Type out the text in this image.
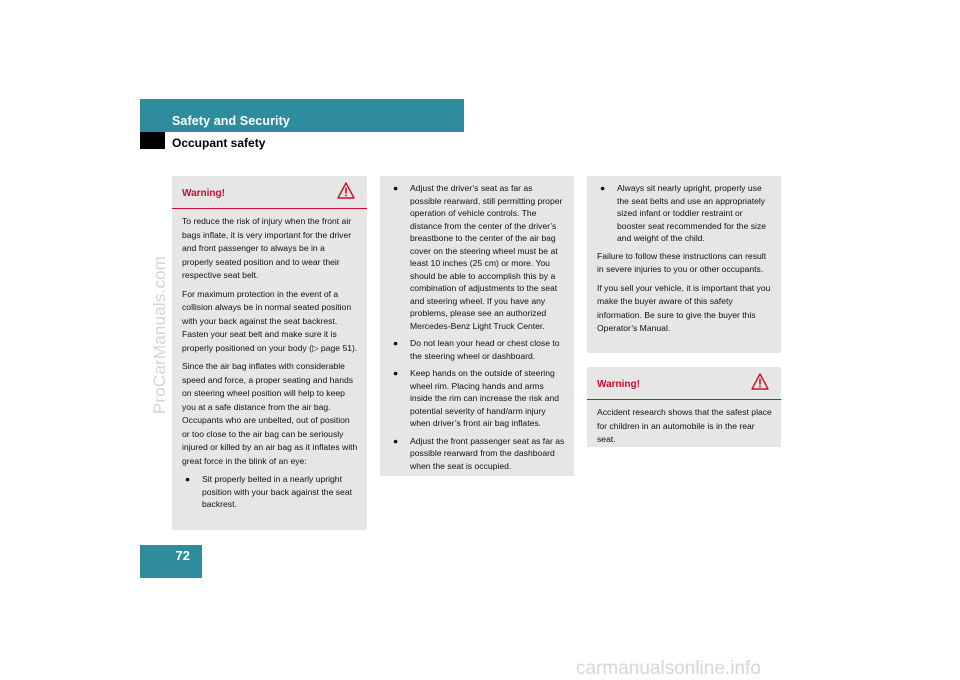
Safety and Security
Occupant safety
ProCarManuals.com
Warning!

To reduce the risk of injury when the front air bags inflate, it is very important for the driver and front passenger to always be in a properly seated position and to wear their respective seat belt.

For maximum protection in the event of a collision always be in normal seated position with your back against the seat backrest. Fasten your seat belt and make sure it is properly positioned on your body (▷ page 51).

Since the air bag inflates with considerable speed and force, a proper seating and hands on steering wheel position will help to keep you at a safe distance from the air bag. Occupants who are unbelted, out of position or too close to the air bag can be seriously injured or killed by an air bag as it inflates with great force in the blink of an eye:

● Sit properly belted in a nearly upright position with your back against the seat backrest.
● Adjust the driver’s seat as far as possible rearward, still permitting proper operation of vehicle controls. The distance from the center of the driver’s breastbone to the center of the air bag cover on the steering wheel must be at least 10 inches (25 cm) or more. You should be able to accomplish this by a combination of adjustments to the seat and steering wheel. If you have any problems, please see an authorized Mercedes-Benz Light Truck Center.
● Do not lean your head or chest close to the steering wheel or dashboard.
● Keep hands on the outside of steering wheel rim. Placing hands and arms inside the rim can increase the risk and potential severity of hand/arm injury when driver’s front air bag inflates.
● Adjust the front passenger seat as far as possible rearward from the dashboard when the seat is occupied.
● Always sit nearly upright, properly use the seat belts and use an appropriately sized infant or toddler restraint or booster seat recommended for the size and weight of the child.

Failure to follow these instructions can result in severe injuries to you or other occupants.

If you sell your vehicle, it is important that you make the buyer aware of this safety information. Be sure to give the buyer this Operator’s Manual.

Warning!

Accident research shows that the safest place for children in an automobile is in the rear seat.

72
carmanualsonline.info
